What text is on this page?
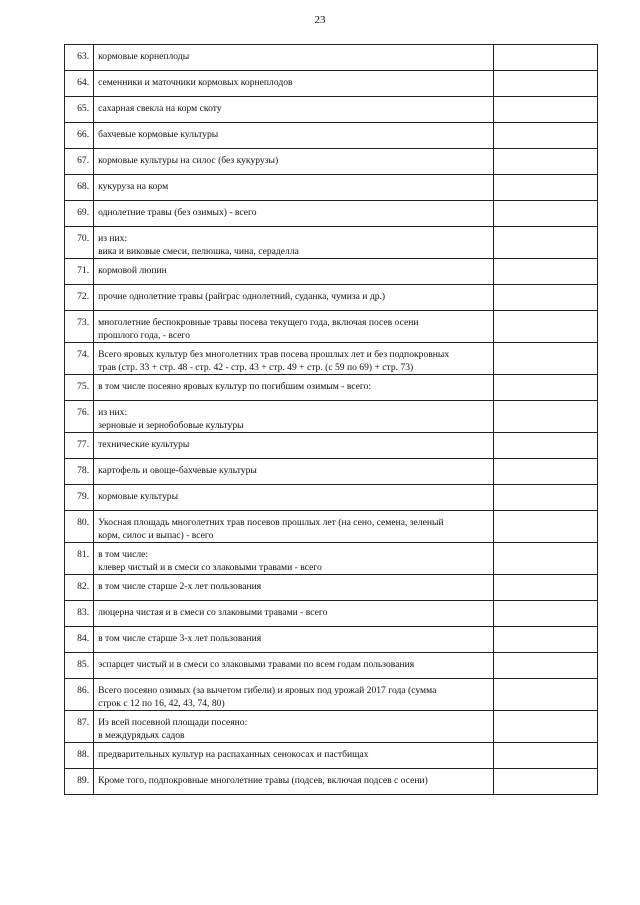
23
63.	кормовые корнеплоды	

64.	семенники и маточники кормовых корнеплодов	

65.	сахарная свекла на корм скоту	

66.	бахчевые кормовые культуры	

67.	кормовые культуры на силос (без кукурузы)	

68.	кукуруза на корм	

69.	однолетние травы (без озимых) - всего	

70.	из них:
вика и виковые смеси, пелюшка, чина, сераделла	

71.	кормовой люпин	

72.	прочие однолетние травы (райграс однолетний, суданка, чумиза и др.)	

73.	многолетние беспокровные травы посева текущего года, включая посев осени
прошлого года, - всего	

74.	Всего яровых культур без многолетних трав посева прошлых лет и без подпокровных
трав (стр. 33 + стр. 48 - стр. 42 - стр. 43 + стр. 49 + стр. (с 59 по 69) + стр. 73)	

75.	в том числе посеяно яровых культур по погибшим озимым - всего:	

76.	из них:
зерновые и зернобобовые культуры	

77.	технические культуры	

78.	картофель и овоще-бахчевые культуры	

79.	кормовые культуры	

80.	Укосная площадь многолетних трав посевов прошлых лет (на сено, семена, зеленый
корм, силос и выпас) - всего	

81.	в том числе:
клевер чистый и в смеси со злаковыми травами - всего	

82.	в том числе старше 2-х лет пользования	

83.	люцерна чистая и в смеси со злаковыми травами - всего	

84.	в том числе старше 3-х лет пользования	

85.	эспарцет чистый и в смеси со злаковыми травами по всем годам пользования	

86.	Всего посеяно озимых (за вычетом гибели) и яровых под урожай 2017 года (сумма
строк с 12 по 16, 42, 43, 74, 80)	

87.	Из всей посевной площади посеяно:
в междурядьях садов	

88.	предварительных культур на распаханных сенокосах и пастбищах	

89.	Кроме того, подпокровные многолетние травы (подсев, включая подсев с осени)	
